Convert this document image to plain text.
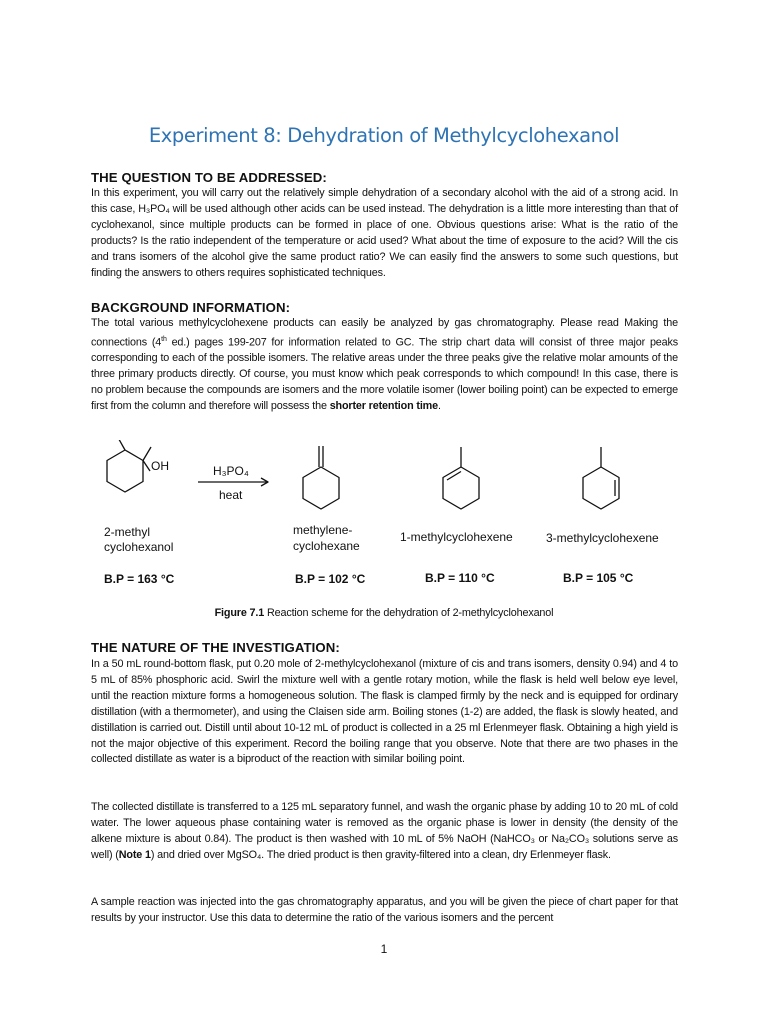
Experiment 8: Dehydration of Methylcyclohexanol
THE QUESTION TO BE ADDRESSED:

In this experiment, you will carry out the relatively simple dehydration of a secondary alcohol with the aid of a strong acid. In this case, H₃PO₄ will be used although other acids can be used instead. The dehydration is a little more interesting than that of cyclohexanol, since multiple products can be formed in place of one. Obvious questions arise: What is the ratio of the products? Is the ratio independent of the temperature or acid used? What about the time of exposure to the acid? Will the cis and trans isomers of the alcohol give the same product ratio? We can easily find the answers to some such questions, but finding the answers to others requires sophisticated techniques.

BACKGROUND INFORMATION:

The total various methylcyclohexene products can easily be analyzed by gas chromatography. Please read Making the connections (4th ed.) pages 199-207 for information related to GC. The strip chart data will consist of three major peaks corresponding to each of the possible isomers. The relative areas under the three peaks give the relative molar amounts of the three primary products directly. Of course, you must know which peak corresponds to which compound! In this case, there is no problem because the compounds are isomers and the more volatile isomer (lower boiling point) can be expected to emerge first from the column and therefore will possess the shorter retention time.

OH	H₃PO₄
heat
2-methyl
cyclohexanol
methylene-
cyclohexane
1-methylcyclohexene	3-methylcyclohexene
B.P = 163 °C	B.P = 102 °C	B.P = 110 °C	B.P = 105 °C
Figure 7.1 Reaction scheme for the dehydration of 2-methylcyclohexanol
THE NATURE OF THE INVESTIGATION:

In a 50 mL round-bottom flask, put 0.20 mole of 2-methylcyclohexanol (mixture of cis and trans isomers, density 0.94) and 4 to 5 mL of 85% phosphoric acid. Swirl the mixture well with a gentle rotary motion, while the flask is held well below eye level, until the reaction mixture forms a homogeneous solution. The flask is clamped firmly by the neck and is equipped for ordinary distillation (with a thermometer), and using the Claisen side arm. Boiling stones (1-2) are added, the flask is slowly heated, and distillation is carried out. Distill until about 10-12 mL of product is collected in a 25 ml Erlenmeyer flask. Obtaining a high yield is not the major objective of this experiment. Record the boiling range that you observe. Note that there are two phases in the collected distillate as water is a biproduct of the reaction with similar boiling point.

The collected distillate is transferred to a 125 mL separatory funnel, and wash the organic phase by adding 10 to 20 mL of cold water. The lower aqueous phase containing water is removed as the organic phase is lower in density (the density of the alkene mixture is about 0.84). The product is then washed with 10 mL of 5% NaOH (NaHCO₃ or Na₂CO₃ solutions serve as well) (Note 1) and dried over MgSO₄. The dried product is then gravity-filtered into a clean, dry Erlenmeyer flask.

A sample reaction was injected into the gas chromatography apparatus, and you will be given the piece of chart paper for that results by your instructor. Use this data to determine the ratio of the various isomers and the percent

1
